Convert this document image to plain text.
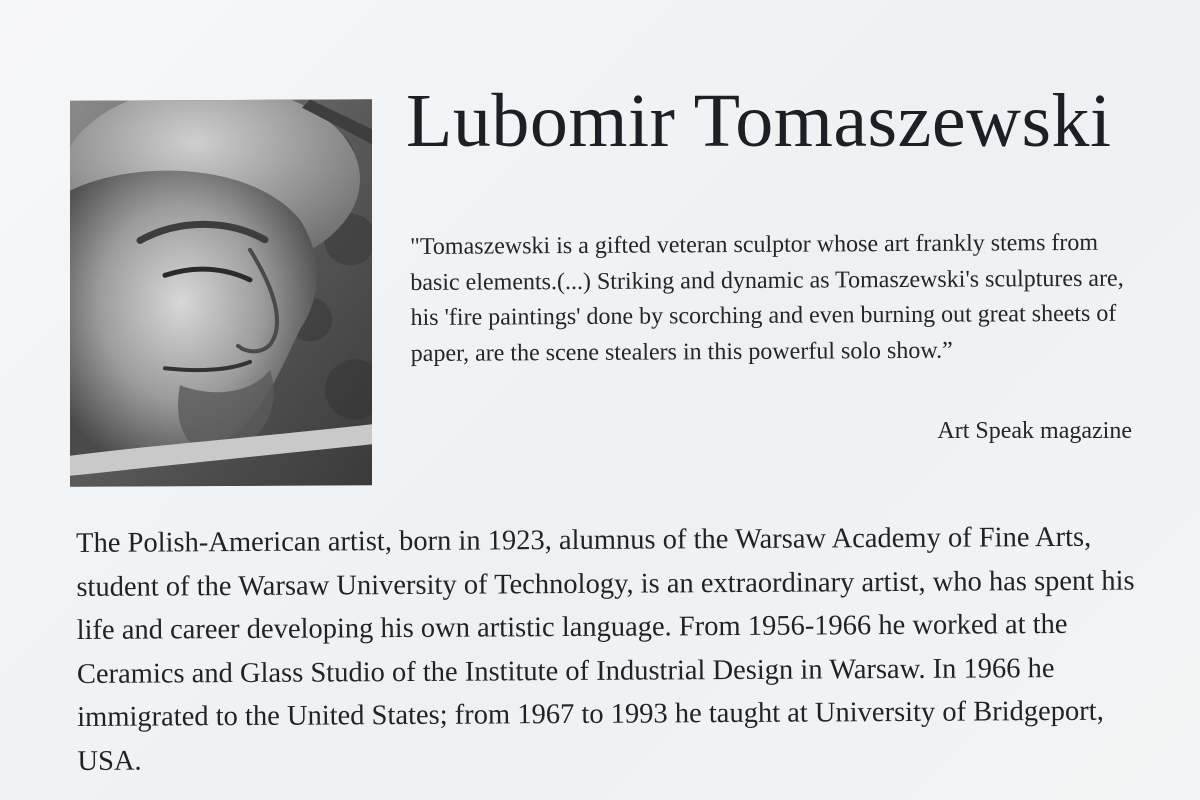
Lubomir Tomaszewski

"Tomaszewski is a gifted veteran sculptor whose art frankly stems from basic elements.(...) Striking and dynamic as Tomaszewski's sculptures are, his 'fire paintings' done by scorching and even burning out great sheets of paper, are the scene stealers in this powerful solo show.”

Art Speak magazine

The Polish-American artist, born in 1923, alumnus of the Warsaw Academy of Fine Arts, student of the Warsaw University of Technology, is an extraordinary artist, who has spent his life and career developing his own artistic language. From 1956-1966 he worked at the Ceramics and Glass Studio of the Institute of Industrial Design in Warsaw. In 1966 he immigrated to the United States; from 1967 to 1993 he taught at University of Bridgeport, USA.
